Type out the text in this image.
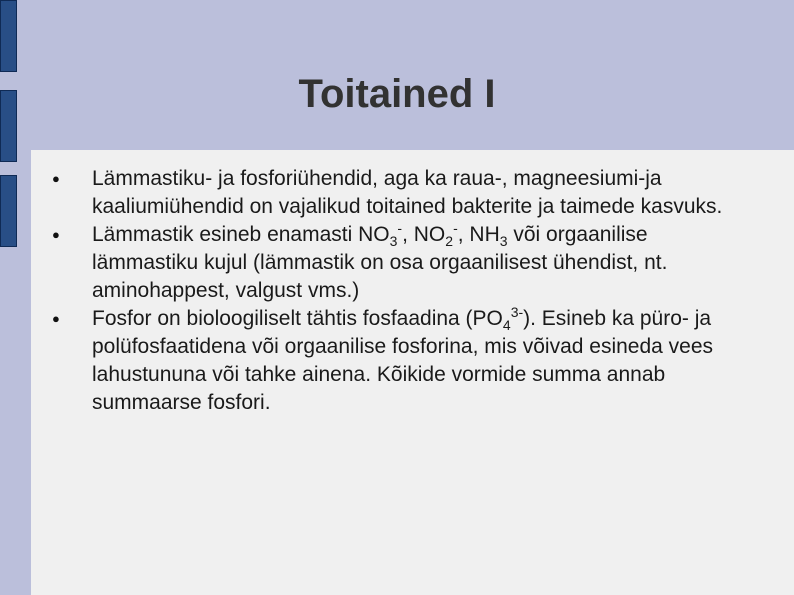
Toitained I
● Lämmastiku- ja fosforiühendid, aga ka raua-, magneesiumi-ja kaaliumiühendid on vajalikud toitained bakterite ja taimede kasvuks.
● Lämmastik esineb enamasti $NO_3^-$, $NO_2^-$, $NH_3$ või orgaanilise lämmastiku kujul (lämmastik on osa orgaanilisest ühendist, nt. aminohappest, valgust vms.)
● Fosfor on bioloogiliselt tähtis fosfaadina $(PO_4^{3-})$. Esineb ka püro- ja polüfosfaatidena või orgaanilise fosforina, mis võivad esineda vees lahustununa või tahke ainena. Kõikide vormide summa annab summaarse fosfori.
